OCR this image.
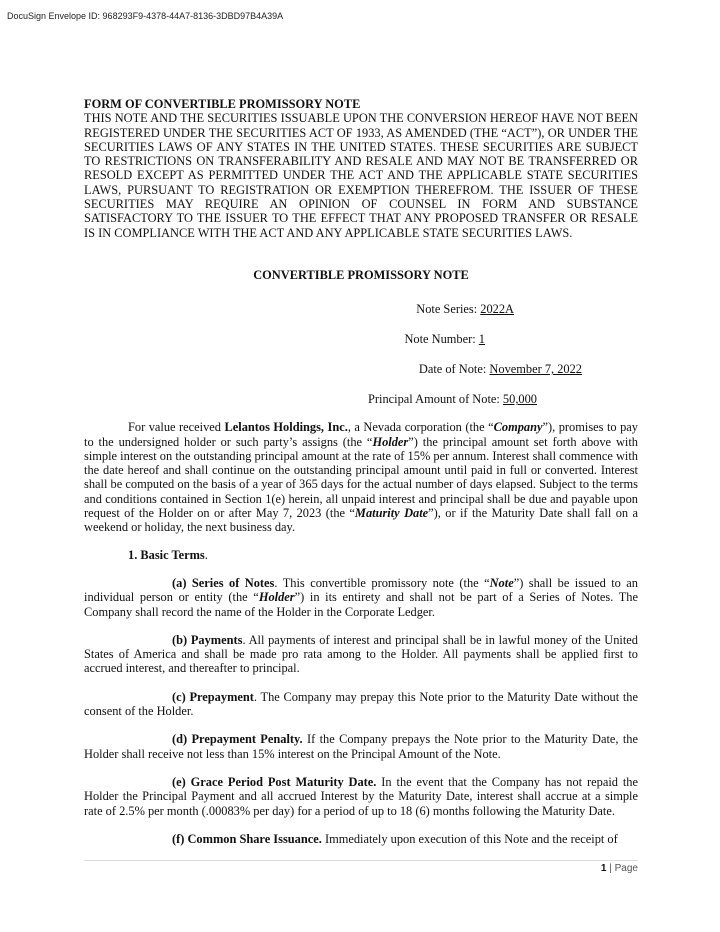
DocuSign Envelope ID: 968293F9-4378-44A7-8136-3DBD97B4A39A

FORM OF CONVERTIBLE PROMISSORY NOTE

THIS NOTE AND THE SECURITIES ISSUABLE UPON THE CONVERSION HEREOF HAVE NOT BEEN REGISTERED UNDER THE SECURITIES ACT OF 1933, AS AMENDED (THE “ACT”), OR UNDER THE SECURITIES LAWS OF ANY STATES IN THE UNITED STATES. THESE SECURITIES ARE SUBJECT TO RESTRICTIONS ON TRANSFERABILITY AND RESALE AND MAY NOT BE TRANSFERRED OR RESOLD EXCEPT AS PERMITTED UNDER THE ACT AND THE APPLICABLE STATE SECURITIES LAWS, PURSUANT TO REGISTRATION OR EXEMPTION THEREFROM. THE ISSUER OF THESE SECURITIES MAY REQUIRE AN OPINION OF COUNSEL IN FORM AND SUBSTANCE SATISFACTORY TO THE ISSUER TO THE EFFECT THAT ANY PROPOSED TRANSFER OR RESALE IS IN COMPLIANCE WITH THE ACT AND ANY APPLICABLE STATE SECURITIES LAWS.

CONVERTIBLE PROMISSORY NOTE

Note Series: 2022A
Note Number: 1
Date of Note: November 7, 2022
Principal Amount of Note: 50,000

For value received Lelantos Holdings, Inc., a Nevada corporation (the “Company”), promises to pay to the undersigned holder or such party’s assigns (the “Holder”) the principal amount set forth above with simple interest on the outstanding principal amount at the rate of 15% per annum. Interest shall commence with the date hereof and shall continue on the outstanding principal amount until paid in full or converted. Interest shall be computed on the basis of a year of 365 days for the actual number of days elapsed. Subject to the terms and conditions contained in Section 1(e) herein, all unpaid interest and principal shall be due and payable upon request of the Holder on or after May 7, 2023 (the “Maturity Date”), or if the Maturity Date shall fall on a weekend or holiday, the next business day.

1. Basic Terms.

(a) Series of Notes. This convertible promissory note (the “Note”) shall be issued to an individual person or entity (the “Holder”) in its entirety and shall not be part of a Series of Notes. The Company shall record the name of the Holder in the Corporate Ledger.

(b) Payments. All payments of interest and principal shall be in lawful money of the United States of America and shall be made pro rata among to the Holder. All payments shall be applied first to accrued interest, and thereafter to principal.

(c) Prepayment. The Company may prepay this Note prior to the Maturity Date without the consent of the Holder.

(d) Prepayment Penalty. If the Company prepays the Note prior to the Maturity Date, the Holder shall receive not less than 15% interest on the Principal Amount of the Note.

(e) Grace Period Post Maturity Date. In the event that the Company has not repaid the Holder the Principal Payment and all accrued Interest by the Maturity Date, interest shall accrue at a simple rate of 2.5% per month (.00083% per day) for a period of up to 18 (6) months following the Maturity Date.

(f) Common Share Issuance. Immediately upon execution of this Note and the receipt of

1 | Page
